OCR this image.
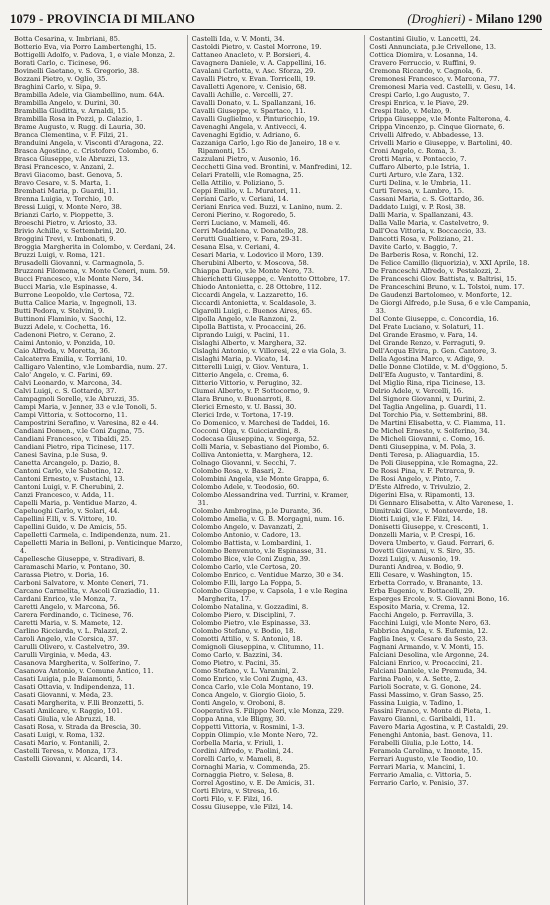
1079 - PROVINCIA DI MILANO	(Droghieri) - Milano 1290
Botta Cesarina, v. Imbriani, 85.
Botterio Eva, via Porro Lambertenghi, 15.
Bottigelli Adolfo, v. Padova, 1, e viale Monza, 2.
Borati Carlo, c. Ticinese, 96.
Bovinelli Gaetano, v. S. Gregorio, 38.
Bozzani Pietro, v. Oglio, 35.
Braghini Carlo, v. Sipa, 9.
Brambilla Adele, via Giambellino, num. 64A.
Brambilla Angelo, v. Durini, 30.
Brambilla Giuditta, v. Arnaldi, 15.
Brambilla Rosa in Pozzi, p. Calazio, 1.
Brame Augusto, v. Rugg. di Lauria, 30.
Branca Clementina, v. F. Filzi, 21.
Branduini Angela, v. Visconti d'Aragona, 22.
Brasca Agostino, c. Cristoforo Colombo, 6.
Brasca Giuseppe, v.le Abruzzi, 13.
Brasi Francesco, v. Anzani, 2.
Bravi Giacomo, bast. Genova, 5.
Bravo Cesare, v. S. Marta, 1.
Brembati Maria, p. Guardi, 11.
Brenna Luigia, v. Torchio, 10.
Bressi Luigi, v. Monte Nero, 38.
Brianzi Carlo, v. Pioppette, 3.
Broeschi Pietro, v. Ariosto, 33.
Brivio Achille, v. Settembrini, 20.
Broggini Trevi, v. Imbonati, 9.
Broggia Margherita in Colombo, v. Cerdani, 24.
Bruzzi Luigi, v. Roma, 121.
Brusadelli Giovanni, v. Carmagnola, 5.
Bruzzoni Filomena, v. Monte Ceneri, num. 59.
Bucci Francesco, v.le Monte Nero, 34.
Bucci Maria, v.le Espinasse, 4.
Burrone Leopoldo, v.le Certosa, 72.
Butta Calice Maria, v. Ingegnoli, 13.
Butti Pedora, v. Stelvini, 9.
Buttinoni Flaminio, v. Sacchi, 12.
Buzzi Adele, v. Cochetta, 16.
Cadenoni Pietro, v. Cerano, 2.
Caimi Antonio, v. Ponzida, 10.
Caio Alfreda, v. Moretta, 36.
Calcaterra Emilia, v. Torriani, 10.
Calligaro Valentino, v.le Lombardia, num. 27.
Calo' Angelo, v. C. Farini, 69.
Calvi Leonardo, v. Marcona, 34.
Calvi Luigi, c. S. Gottardo, 37.
Campagnoli Sorelle, v.le Abruzzi, 35.
Campi Maria, v. Jenner, 33 e v.le Tonoli, 5.
Campi Vittoria, v. Sottocorno, 11.
Campostrini Serafino, v. Varesina, 82 e 44.
Candiani Domen., v.le Coni Zugna, 75.
Candiani Francesco, v. Tibaldi, 25.
Candiani Pietro, ripa Ticinese, 117.
Canesi Savina, p.le Susa, 9.
Canetta Arcangelo, p. Dazio, 8.
Cantoni Carlo, v.le Sabotino, 12.
Cantoni Ernesto, v. Fustachi, 13.
Cantoni Luigi, v. F. Cherubini, 2.
Canzi Francesco, v. Adda, 11.
Capelli Maria, p. Ventidue Marzo, 4.
Capeluoghi Carlo, v. Solari, 44.
Capellini F.lli, v. S. Vittore, 10.
Capellini Guido, v. De Amicis, 55.
Capelletti Carmela, c. Indipendenza, num. 21.
Capelletti Maria in Belloni, p. Venticinque Marzo, 4.
Capellesche Giuseppe, v. Stradivari, 8.
Caramaschi Mario, v. Pontano, 30.
Carassa Pietro, v. Doria, 16.
Carboni Salvatore, v. Monte Ceneri, 71.
Carcano Carmelita, v. Ascoli Graziadio, 11.
Cardani Enrico, v.le Monza, 7.
Caretti Angelo, v. Marcona, 56.
Carera Ferdinando, c. Ticinese, 76.
Caretti Maria, v. S. Mamete, 12.
Carlino Ricciarda, v. L. Palazzi, 2.
Caroli Angelo, v.le Corsica, 37.
Carulli Olivero, v. Castelvetro, 39.
Carulli Virginia, v. Meda, 43.
Casanova Margherita, v. Solferino, 7.
Casanova Antonio, v. Comune Antico, 11.
Casati Luigia, p.le Baiamonti, 5.
Casati Ottavia, v. Indipendenza, 11.
Casati Giovanni, v. Meda, 23.
Casati Margherita, v. F.lli Bronzetti, 5.
Casati Amilcare, v. Raggio, 101.
Casati Giulia, v.le Abruzzi, 18.
Casati Rosa, v. Strada da Brescia, 30.
Casati Luigi, v. Roma, 132.
Casati Mario, v. Fontanili, 2.
Castelli Teresa, v. Monza, 173.
Castelli Giovanni, v. Alcardi, 14.
Castelli Ida, v. V. Monti, 34.
Castoldi Pietro, v. Castel Morrone, 19.
Cattaneo Anacleto, v. P. Borsieri, 4.
Cavagnera Daniele, v. A. Cappellini, 16.
Cavalani Carlotta, v. Asc. Sforza, 29.
Cavalli Pietro, v. Evan. Torricelli, 19.
Cavalletti Agenore, v. Cenisio, 68.
Cavalli Achille, c. Vercelli, 27.
Cavalli Donato, v. L. Spallanzani, 16.
Cavalli Giuseppe, v. Spartaco, 11.
Cavalli Guglielmo, v. Pinturicchio, 19.
Cavenaghi Angela, v. Antivecci, 4.
Cavenaghi Egidio, v. Adriano, 6.
Cazzaniga Carlo, l.go Rio de Janeiro, 18 e v. Ripamonti, 15.
Cazzulani Pietro, v. Ausonio, 16.
Cecchetti Gina ved. Brontini, v. Manfredini, 12.
Celari Fratelli, v.le Romagna, 25.
Cella Attilio, v. Poliziano, 5.
Ceppi Emilio, v. L. Muratori, 11.
Ceriani Carlo, v. Ceriani, 14.
Ceriani Enrica ved. Buzzi, v. Lanino, num. 2.
Ceroni Pierino, v. Rogoredo, 5.
Cerri Luciano, v. Mameli, 46.
Cerri Maddalena, v. Donatello, 28.
Cerutti Gualtiero, v. Fara, 29-31.
Cesana Elsa, v. Ceriani, 4.
Cesari Maria, v. Lodovico il Moro, 139.
Cherubini Alberto, v. Moscova, 58.
Chiappa Dario, v.le Monte Nero, 73.
Chierichetti Giuseppe, c. Ventotto Ottobre, 17.
Chiodo Antonietta, c. 28 Ottobre, 112.
Ciccardi Angela, v. Lazzaretto, 16.
Ciccardi Antonietta, v. Scaldasole, 3.
Cigarolli Luigi, c. Buenos Aires, 65.
Cipolla Angelo, v.le Ranzoni, 2.
Cipolla Battista, v. Procaccini, 26.
Ciprando Luigi, v. Pacini, 11.
Cislaghi Alberto, v. Marghera, 32.
Cislaghi Antonio, v. Villoresi, 22 e via Gola, 3.
Cislaghi Maria, p. Vicato, 14.
Citterelli Luigi, v. Giov. Ventura, 1.
Citterio Angela, c. Crema, 6.
Citterio Vittorio, v. Perugino, 32.
Ciumei Alberto, v. P. Sottocorno, 9.
Clara Bruno, v. Buonarroti, 8.
Clerici Ernesto, v. U. Bassi, 30.
Clerici Irde, v. Tortona, 17-19.
Co Domenico, v. Marchesi de Taddei, 16.
Cocconi Olga, v. Guicciardini, 8.
Codecasa Giuseppina, v. Sogerga, 52.
Colli Maria, v. Sebastiano del Piombo, 6.
Colliva Antonietta, v. Marghera, 12.
Colnago Giovanni, v. Secchi, 7.
Colombo Rosa, v. Basari, 2.
Colombini Angela, v.le Monte Grappa, 6.
Colombo Adele, v. Teodosio, 60.
Colombo Alessandrina ved. Turrini, v. Kramer, 31.
Colombo Ambrogina, p.le Durante, 36.
Colombo Amelia, v. G. B. Morgagni, num. 16.
Colombo Angelo, v. Davanzati, 2.
Colombo Antonio, v. Cadore, 13.
Colombo Battista, v. Lombardini, 1.
Colombo Benvenuto, v.le Espinasse, 31.
Colombo Bice, v.le Coni Zugna, 39.
Colombo Carlo, v.le Certosa, 20.
Colombo Enrico, c. Ventidue Marzo, 30 e 34.
Colombo F.lli, largo La Foppa, 5.
Colombo Giuseppe, v. Capsola, 1 e v.le Regina Margherita, 17.
Colombo Natalina, v. Gozzadini, 8.
Colombo Piero, v. Disciplini, 7.
Colombo Pietro, v.le Espinasse, 33.
Colombo Stefano, v. Bodio, 18.
Comotti Attilio, v. S. Antonio, 18.
Comignoli Giuseppina, v. Clitumno, 11.
Como Carlo, v. Bazzini, 34.
Como Pietro, v. Pacini, 35.
Como Stefano, v. L. Varanini, 2.
Como Enrico, v.le Coni Zugna, 43.
Conca Carlo, v.le Cola Montano, 19.
Conca Angelo, v. Giorgio Gioio, 5.
Conti Angelo, v. Oroboni, 8.
Cooperativa S. Filippo Neri, v.le Monza, 229.
Coppa Anna, v.le Bligny, 30.
Coppetti Vittoria, v. Rosmini, 1-3.
Coppin Olimpio, v.le Monte Nero, 72.
Corbella Maria, v. Friuli, 1.
Cordini Alfredo, v. Paolini, 24.
Corelli Carlo, v. Mameli, 8.
Cornaghi Maria, v. Commenda, 25.
Cornaggia Pietro, v. Selesa, 8.
Correl Agostino, v. E. De Amicis, 31.
Corti Elvira, v. Stresa, 16.
Corti Filo, v. F. Filzi, 16.
Cossu Giuseppe, v.le Filzi, 14.
Costantini Giulio, v. Lancetti, 24.
Costi Annunciata, p.le Crivellone, 13.
Cottica Diomira, v. Losanna, 14.
Cravero Ferruccio, v. Ruffini, 9.
Cremona Riccardo, v. Cagnola, 6.
Cremonesi Francesco, v. Marcona, 77.
Cremonesi Maria ved. Castelli, v. Gesu, 14.
Crespi Carlo, l.go Augusto, 7.
Crespi Enrica, v. le Piave, 29.
Crespi Italo, v. Melzo, 9.
Crippa Giuseppe, v.le Monte Falterona, 4.
Crippa Vincenzo, p. Cinque Giornate, 6.
Crivelli Alfredo, v. Abbadesse, 13.
Crivelli Mario e Giuseppe, v. Bartolini, 40.
Croni Angelo, c. Roma, 3.
Crotti Maria, v. Pontaccio, 7.
Cuffaro Alberto, p.le Istria, 1.
Curti Arturo, v.le Zara, 132.
Curti Delina, v. le Umbria, 11.
Curti Teresa, v. Lambro, 15.
Cassani Maria, c. S. Gottardo, 36.
Daddato Luigi, v. P. Rosi, 38.
Dalli Maria, v. Spallanzani, 43.
Dalla Valle Maria, v. Castelvetro, 9.
Dall'Oca Vittoria, v. Boccaccio, 33.
Dancotti Rosa, v. Poliziano, 21.
Davite Carlo, v. Baggio, 7.
De Barberis Rosa, v. Ronchi, 12.
De Felice Camillo (liquorizia), v. XXI Aprile, 18.
De Franceschi Alfredo, v. Pestalozzi, 2.
De Franceschi Giov. Battista, v. Baltrisi, 15.
De Franceschini Bruno, v. L. Tolstoi, num. 17.
De Gaudenzi Bartolomeo, v. Monforte, 12.
De Giorgi Alfredo, p.le Susa, 6 e v.le Campania, 33.
Del Conte Giuseppe, c. Concordia, 16.
Del Frate Luciano, v. Solaturi, 11.
Del Grande Erasmo, v. Fara, 14.
Del Grande Renzo, v. Ferraguti, 9.
Dell'Acqua Elvira, p. Gen. Cantore, 3.
Della Agostina Marco, v. Adige, 9.
Delle Donne Clotilde, v. M. d'Oggiono, 5.
Dell'Efa Augusto, v. Tantardini, 8.
Del Miglio Rina, ripa Ticinese, 13.
Delrio Adele, v. Vercelli, 16.
Del Signore Giovanni, v. Durini, 2.
Del Taglia Angelina, p. Guardi, 11.
Del Torchio Pia, v. Settembrini, 88.
De Martini Elisabetta, v. C. Fiamma, 11.
De Michel Ernesto, v. Solferino, 34.
De Micheli Giovanni, c. Como, 16.
Denti Giuseppina, v. M. Pola, 3.
Denti Teresa, p. Aliaguardia, 15.
De Poli Giuseppina, v.le Romagna, 22.
De Rossi Pina, v. F. Petrarca, 9.
De Rosi Angelo, v. Pinto, 7.
D'Este Alfredo, v. Trivulzio, 2.
Digerini Elsa, v. Ripamonti, 13.
Di Gennaro Elisabetta, v. Alto Varenese, 1.
Dimitraki Giov., v. Monteverde, 18.
Diotti Luigi, v.le F. Filzi, 14.
Donisetti Giuseppe, v. Crescenti, 1.
Donzelli Maria, v. P. Crespi, 16.
Dovera Umberto, v. Gaud. Ferrari, 6.
Dovetti Giovanni, v. S. Siro, 35.
Dozzi Luigi, v. Ausonio, 19.
Duranti Andrea, v. Bodio, 9.
Elli Cesare, v. Washington, 15.
Erbetta Corrado, v. Branante, 13.
Erba Eugenio, v. Bottacelli, 29.
Esperges Ercole, v. S. Giovanni Bono, 16.
Esposito Maria, v. Crema, 12.
Facchi Angelo, p. Ferravilla, 3.
Facchini Luigi, v.le Monte Nero, 63.
Fabbrica Angela, v. S. Eufemia, 12.
Faglia Ines, v. Cesare da Sesto, 23.
Fagnani Armando, v. V. Monti, 15.
Falciani Desolina, v.le Argonne, 24.
Falciani Enrico, v. Procaccini, 21.
Falciani Daniele, v.le Premuda, 34.
Farina Paolo, v. A. Sette, 2.
Farioli Socrate, v. G. Gonone, 24.
Fassi Massimo, v. Gran Sasso, 25.
Fassina Luigia, v. Tadino, 1.
Fassini Franco, v. Monte di Pieta, 1.
Favaro Gianni, c. Garibaldi, 11.
Favero Maria Agostina, v. P. Castaldi, 29.
Fenenghi Antonia, bast. Genova, 11.
Ferabelli Giulia, p.le Lotto, 14.
Feramola Carolina, v. Imonte, 15.
Ferrari Augusto, v.le Teodio, 10.
Ferrari Maria, v. Mancini, 1.
Ferrario Amalia, c. Vittoria, 5.
Ferrario Carlo, v. Penisio, 37.
